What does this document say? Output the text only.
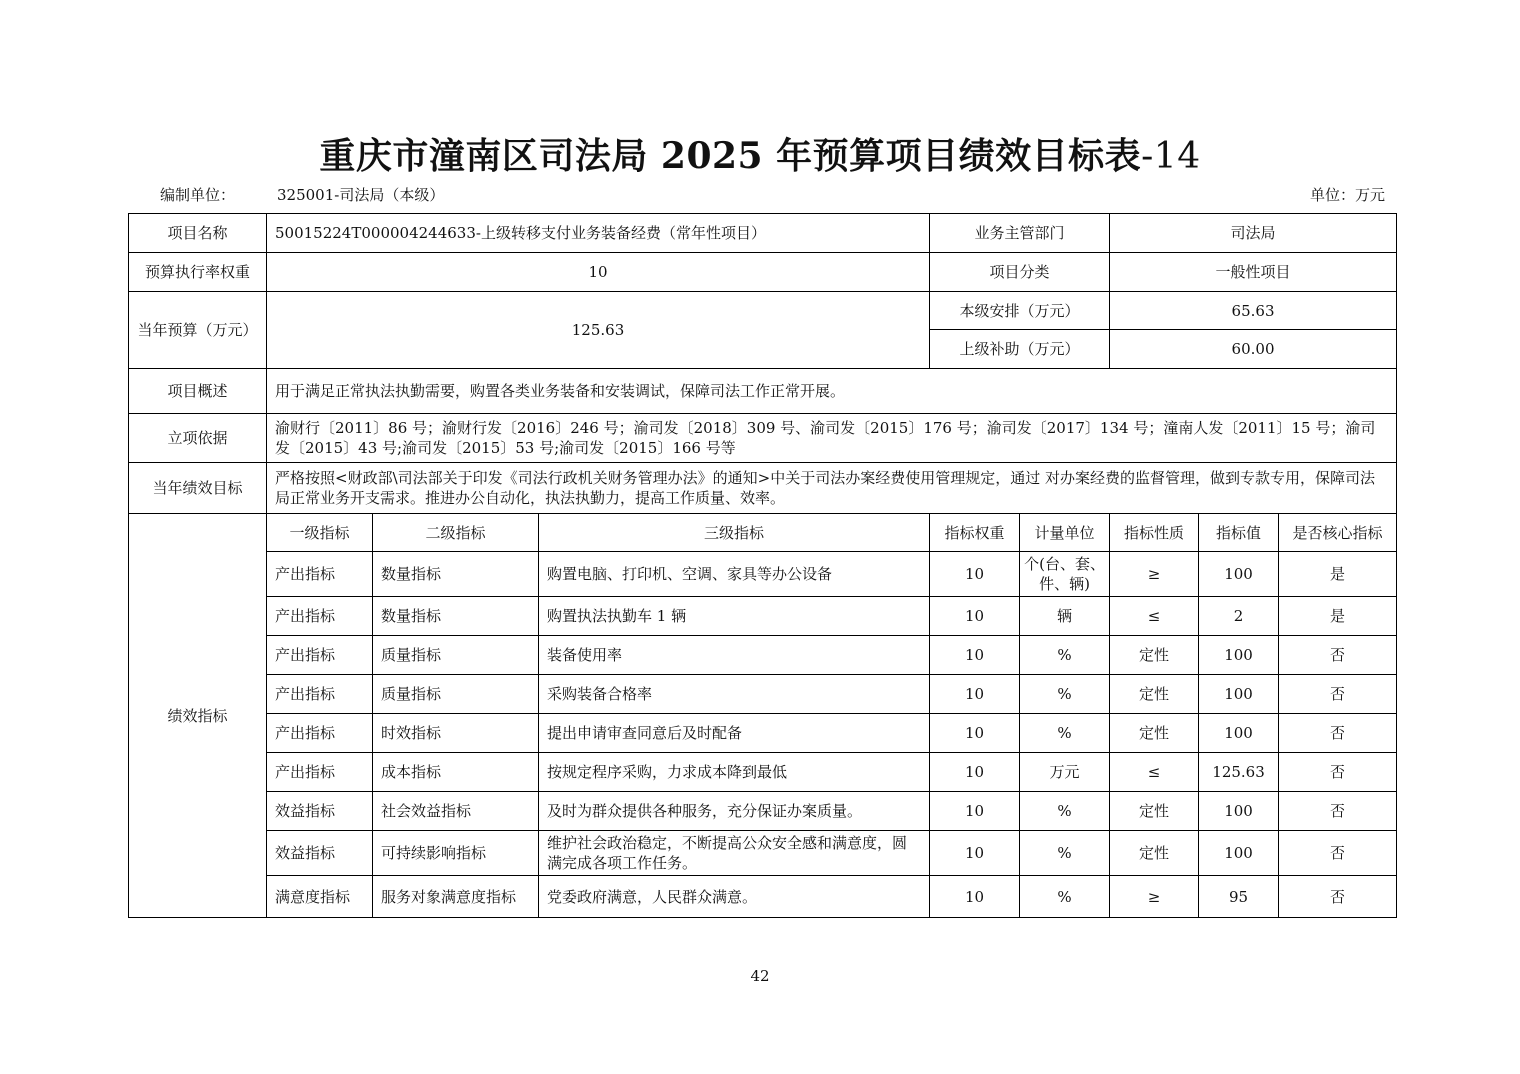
重庆市潼南区司法局 2025 年预算项目绩效目标表-14
编制单位：	325001-司法局（本级）	单位：万元
项目名称	50015224T000004244633-上级转移支付业务装备经费（常年性项目）			业务主管部门		司法局		
预算执行率权重	10			项目分类		一般性项目		
当年预算（万元）	125.63			本级安排（万元）		65.63		
				上级补助（万元）		60.00		
项目概述	用于满足正常执法执勤需要，购置各类业务装备和安装调试，保障司法工作正常开展。							
立项依据	渝财行〔2011〕86 号；渝财行发〔2016〕246 号；渝司发〔2018〕309 号、渝司发〔2015〕176 号；渝司发〔2017〕134 号；潼南人发〔2011〕15 号；渝司发〔2015〕43 号;渝司发〔2015〕53 号;渝司发〔2015〕166 号等							
当年绩效目标	严格按照<财政部\司法部关于印发《司法行政机关财务管理办法》的通知>中关于司法办案经费使用管理规定，通过 对办案经费的监督管理，做到专款专用，保障司法局正常业务开支需求。推进办公自动化，执法执勤力，提高工作质量、效率。							
绩效指标	一级指标	二级指标	三级指标	指标权重	计量单位	指标性质	指标值	是否核心指标
	产出指标	数量指标	购置电脑、打印机、空调、家具等办公设备	10	个(台、套、件、辆)	≥	100	是
	产出指标	数量指标	购置执法执勤车 1 辆	10	辆	≤	2	是
	产出指标	质量指标	装备使用率	10	%	定性	100	否
	产出指标	质量指标	采购装备合格率	10	%	定性	100	否
	产出指标	时效指标	提出申请审查同意后及时配备	10	%	定性	100	否
	产出指标	成本指标	按规定程序采购，力求成本降到最低	10	万元	≤	125.63	否
	效益指标	社会效益指标	及时为群众提供各种服务，充分保证办案质量。	10	%	定性	100	否
	效益指标	可持续影响指标	维护社会政治稳定，不断提高公众安全感和满意度，圆满完成各项工作任务。	10	%	定性	100	否
	满意度指标	服务对象满意度指标	党委政府满意，人民群众满意。	10	%	≥	95	否
42
